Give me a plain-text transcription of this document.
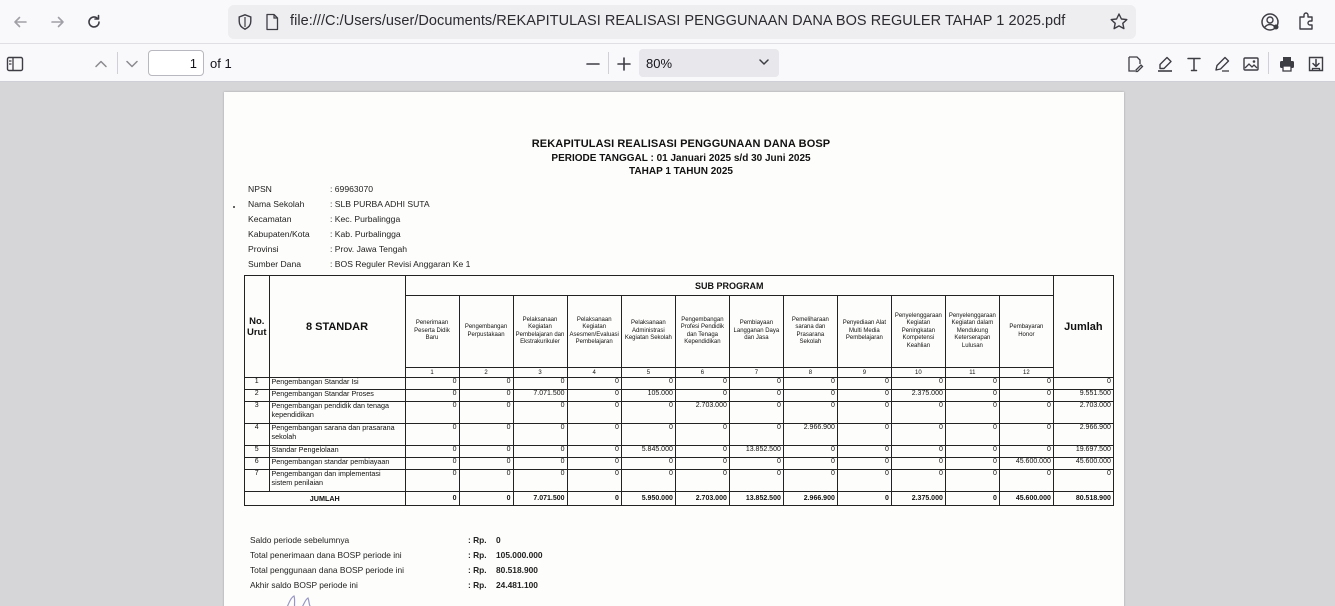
file:///C:/Users/user/Documents/REKAPITULASI REALISASI PENGGUNAAN DANA BOS REGULER TAHAP 1 2025.pdf
1	of 1	80%
REKAPITULASI REALISASI PENGGUNAAN DANA BOSP
PERIODE TANGGAL : 01 Januari 2025 s/d 30 Juni 2025
TAHAP 1 TAHUN 2025
NPSN	: 69963070
Nama Sekolah	: SLB PURBA ADHI SUTA
Kecamatan	: Kec. Purbalingga
Kabupaten/Kota : Kab. Purbalingga
Provinsi	: Prov. Jawa Tengah
Sumber Dana	: BOS Reguler Revisi Anggaran Ke 1
No. Urut	8 STANDAR	SUB PROGRAM												Jumlah
		Penerimaan Peserta Didik Baru	Pengembangan Perpustakaan	Pelaksanaan Kegiatan Pembelajaran dan Ekstrakurikuler	Pelaksanaan Kegiatan Asesmen/Evaluasi Pembelajaran	Pelaksanaan Administrasi Kegiatan Sekolah	Pengembangan Profesi Pendidik dan Tenaga Kependidikan	Pembiayaan Langganan Daya dan Jasa	Pemeliharaan sarana dan Prasarana Sekolah	Penyediaan Alat Multi Media Pembelajaran	Penyelenggaraan Kegiatan Peningkatan Kompetensi Keahlian	Penyelenggaraan Kegiatan dalam Mendukung Keterserapan Lulusan	Pembayaran Honor	
		1	2	3	4	5	6	7	8	9	10	11	12	
1	Pengembangan Standar Isi	0	0	0	0	0	0	0	0	0	0	0	0	0
2	Pengembangan Standar Proses	0	0	7.071.500	0	105.000	0	0	0	0	2.375.000	0	0	9.551.500
3	Pengembangan pendidik dan tenaga kependidikan	0	0	0	0	0	2.703.000	0	0	0	0	0	0	2.703.000
4	Pengembangan sarana dan prasarana sekolah	0	0	0	0	0	0	0	2.966.900	0	0	0	0	2.966.900
5	Standar Pengelolaan	0	0	0	0	5.845.000	0	13.852.500	0	0	0	0	0	19.697.500
6	Pengembangan standar pembiayaan	0	0	0	0	0	0	0	0	0	0	0	45.600.000	45.600.000
7	Pengembangan dan implementasi sistem penilaian	0	0	0	0	0	0	0	0	0	0	0	0	0
JUMLAH		0	0	7.071.500	0	5.950.000	2.703.000	13.852.500	2.966.900	0	2.375.000	0	45.600.000	80.518.900
Saldo periode sebelumnya	: Rp. 0
Total penerimaan dana BOSP periode ini	: Rp. 105.000.000
Total penggunaan dana BOSP periode ini	: Rp. 80.518.900
Akhir saldo BOSP periode ini	: Rp. 24.481.100
